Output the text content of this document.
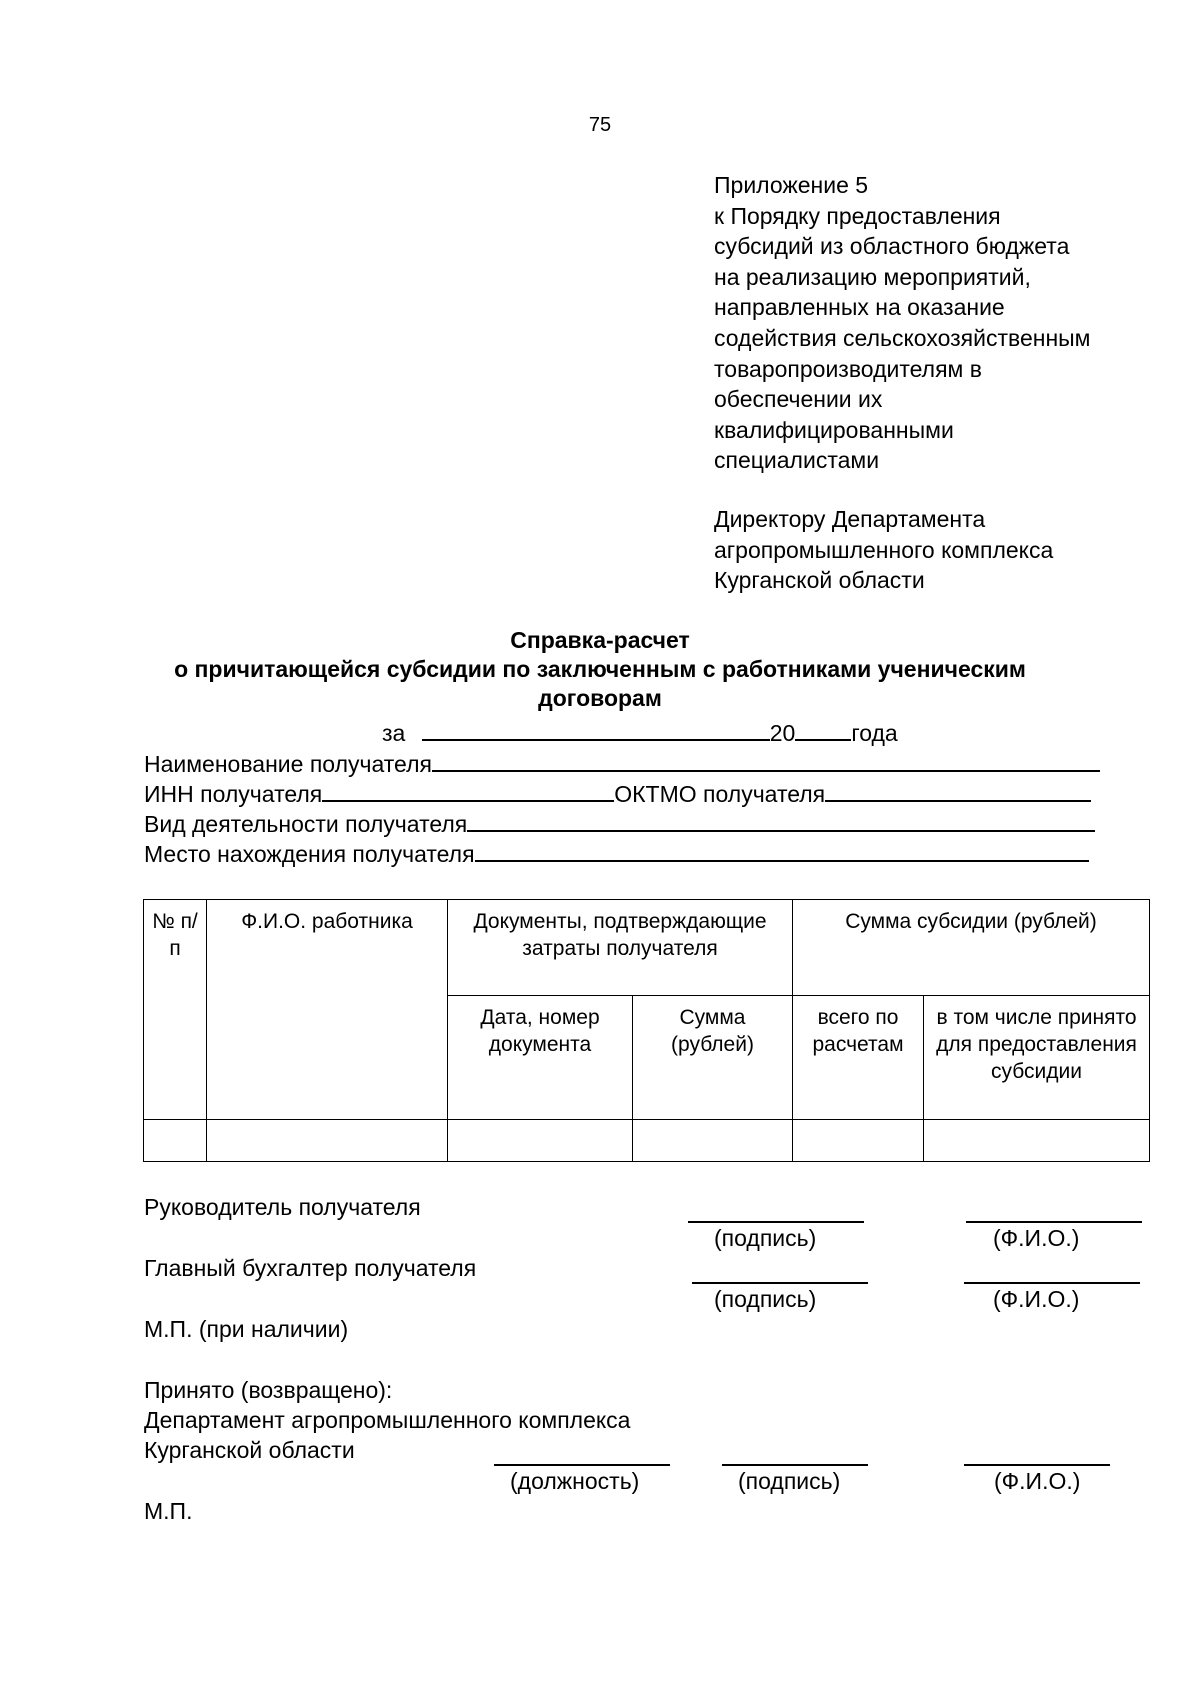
75
Приложение 5
к Порядку предоставления
субсидий из областного бюджета
на реализацию мероприятий,
направленных на оказание
содействия сельскохозяйственным
товаропроизводителям в
обеспечении их
квалифицированными
специалистами
Директору Департамента
агропромышленного комплекса
Курганской области
Справка-расчет
о причитающейся субсидии по заключенным с работниками ученическим
договорам
за	20 года
Наименование получателя
ИНН получателя	ОКТМО получателя
Вид деятельности получателя
Место нахождения получателя
№ п/п	Ф.И.О. работника	Документы, подтверждающие затраты получателя		Сумма субсидии (рублей)	
		Дата, номер документа	Сумма (рублей)	всего по расчетам	в том числе принято для предоставления субсидии

Руководитель получателя
(подпись)	(Ф.И.О.)
Главный бухгалтер получателя
(подпись)	(Ф.И.О.)
М.П. (при наличии)
Принято (возвращено):
Департамент агропромышленного комплекса
Курганской области
(должность)	(подпись)	(Ф.И.О.)
М.П.
